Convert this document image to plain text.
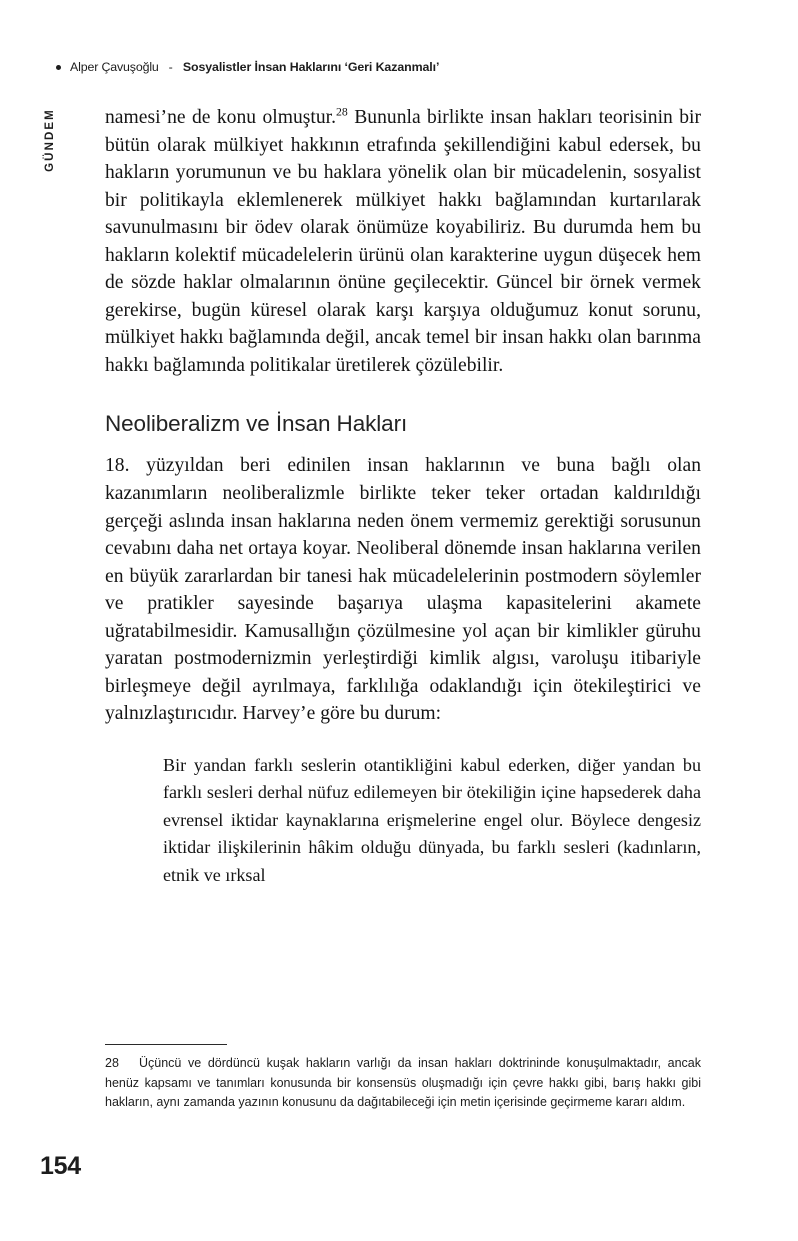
Alper Çavuşoğlu - Sosyalistler İnsan Haklarını ‘Geri Kazanmalı’
GÜNDEM	namesi’ne de konu olmuştur.$^{28}$ Bununla birlikte insan hakları teorisinin bir bütün olarak mülkiyet hakkının etrafında şekillendiğini kabul edersek, bu hakların yorumunun ve bu haklara yönelik olan bir mücadelenin, sosyalist bir politikayla eklemlenerek mülkiyet hakkı bağlamından kurtarılarak savunulmasını bir ödev olarak önümüze koyabiliriz. Bu durumda hem bu hakların kolektif mücadelelerin ürünü olan karakterine uygun düşecek hem de sözde haklar olmalarının önüne geçilecektir. Güncel bir örnek vermek gerekirse, bugün küresel olarak karşı karşıya olduğumuz konut sorunu, mülkiyet hakkı bağlamında değil, ancak temel bir insan hakkı olan barınma hakkı bağlamında politikalar üretilerek çözülebilir.

Neoliberalizm ve İnsan Hakları

18. yüzyıldan beri edinilen insan haklarının ve buna bağlı olan kazanımların neoliberalizmle birlikte teker teker ortadan kaldırıldığı gerçeği aslında insan haklarına neden önem vermemiz gerektiği sorusunun cevabını daha net ortaya koyar. Neoliberal dönemde insan haklarına verilen en büyük zararlardan bir tanesi hak mücadelelerinin postmodern söylemler ve pratikler sayesinde başarıya ulaşma kapasitelerini akamete uğratabilmesidir. Kamusallığın çözülmesine yol açan bir kimlikler güruhu yaratan postmodernizmin yerleştirdiği kimlik algısı, varoluşu itibariyle birleşmeye değil ayrılmaya, farklılığa odaklandığı için ötekileştirici ve yalnızlaştırıcıdır. Harvey’e göre bu durum:

Bir yandan farklı seslerin otantikliğini kabul ederken, diğer yandan bu farklı sesleri derhal nüfuz edilemeyen bir ötekiliğin içine hapsederek daha evrensel iktidar kaynaklarına erişmelerine engel olur. Böylece dengesiz iktidar ilişkilerinin hâkim olduğu dünyada, bu farklı sesleri (kadınların, etnik ve ırksal

28 Üçüncü ve dördüncü kuşak hakların varlığı da insan hakları doktrininde konuşulmaktadır, ancak henüz kapsamı ve tanımları konusunda bir konsensüs oluşmadığı için çevre hakkı gibi, barış hakkı gibi hakların, aynı zamanda yazının konusunu da dağıtabileceği için metin içerisinde geçirmeme kararı aldım.

154
